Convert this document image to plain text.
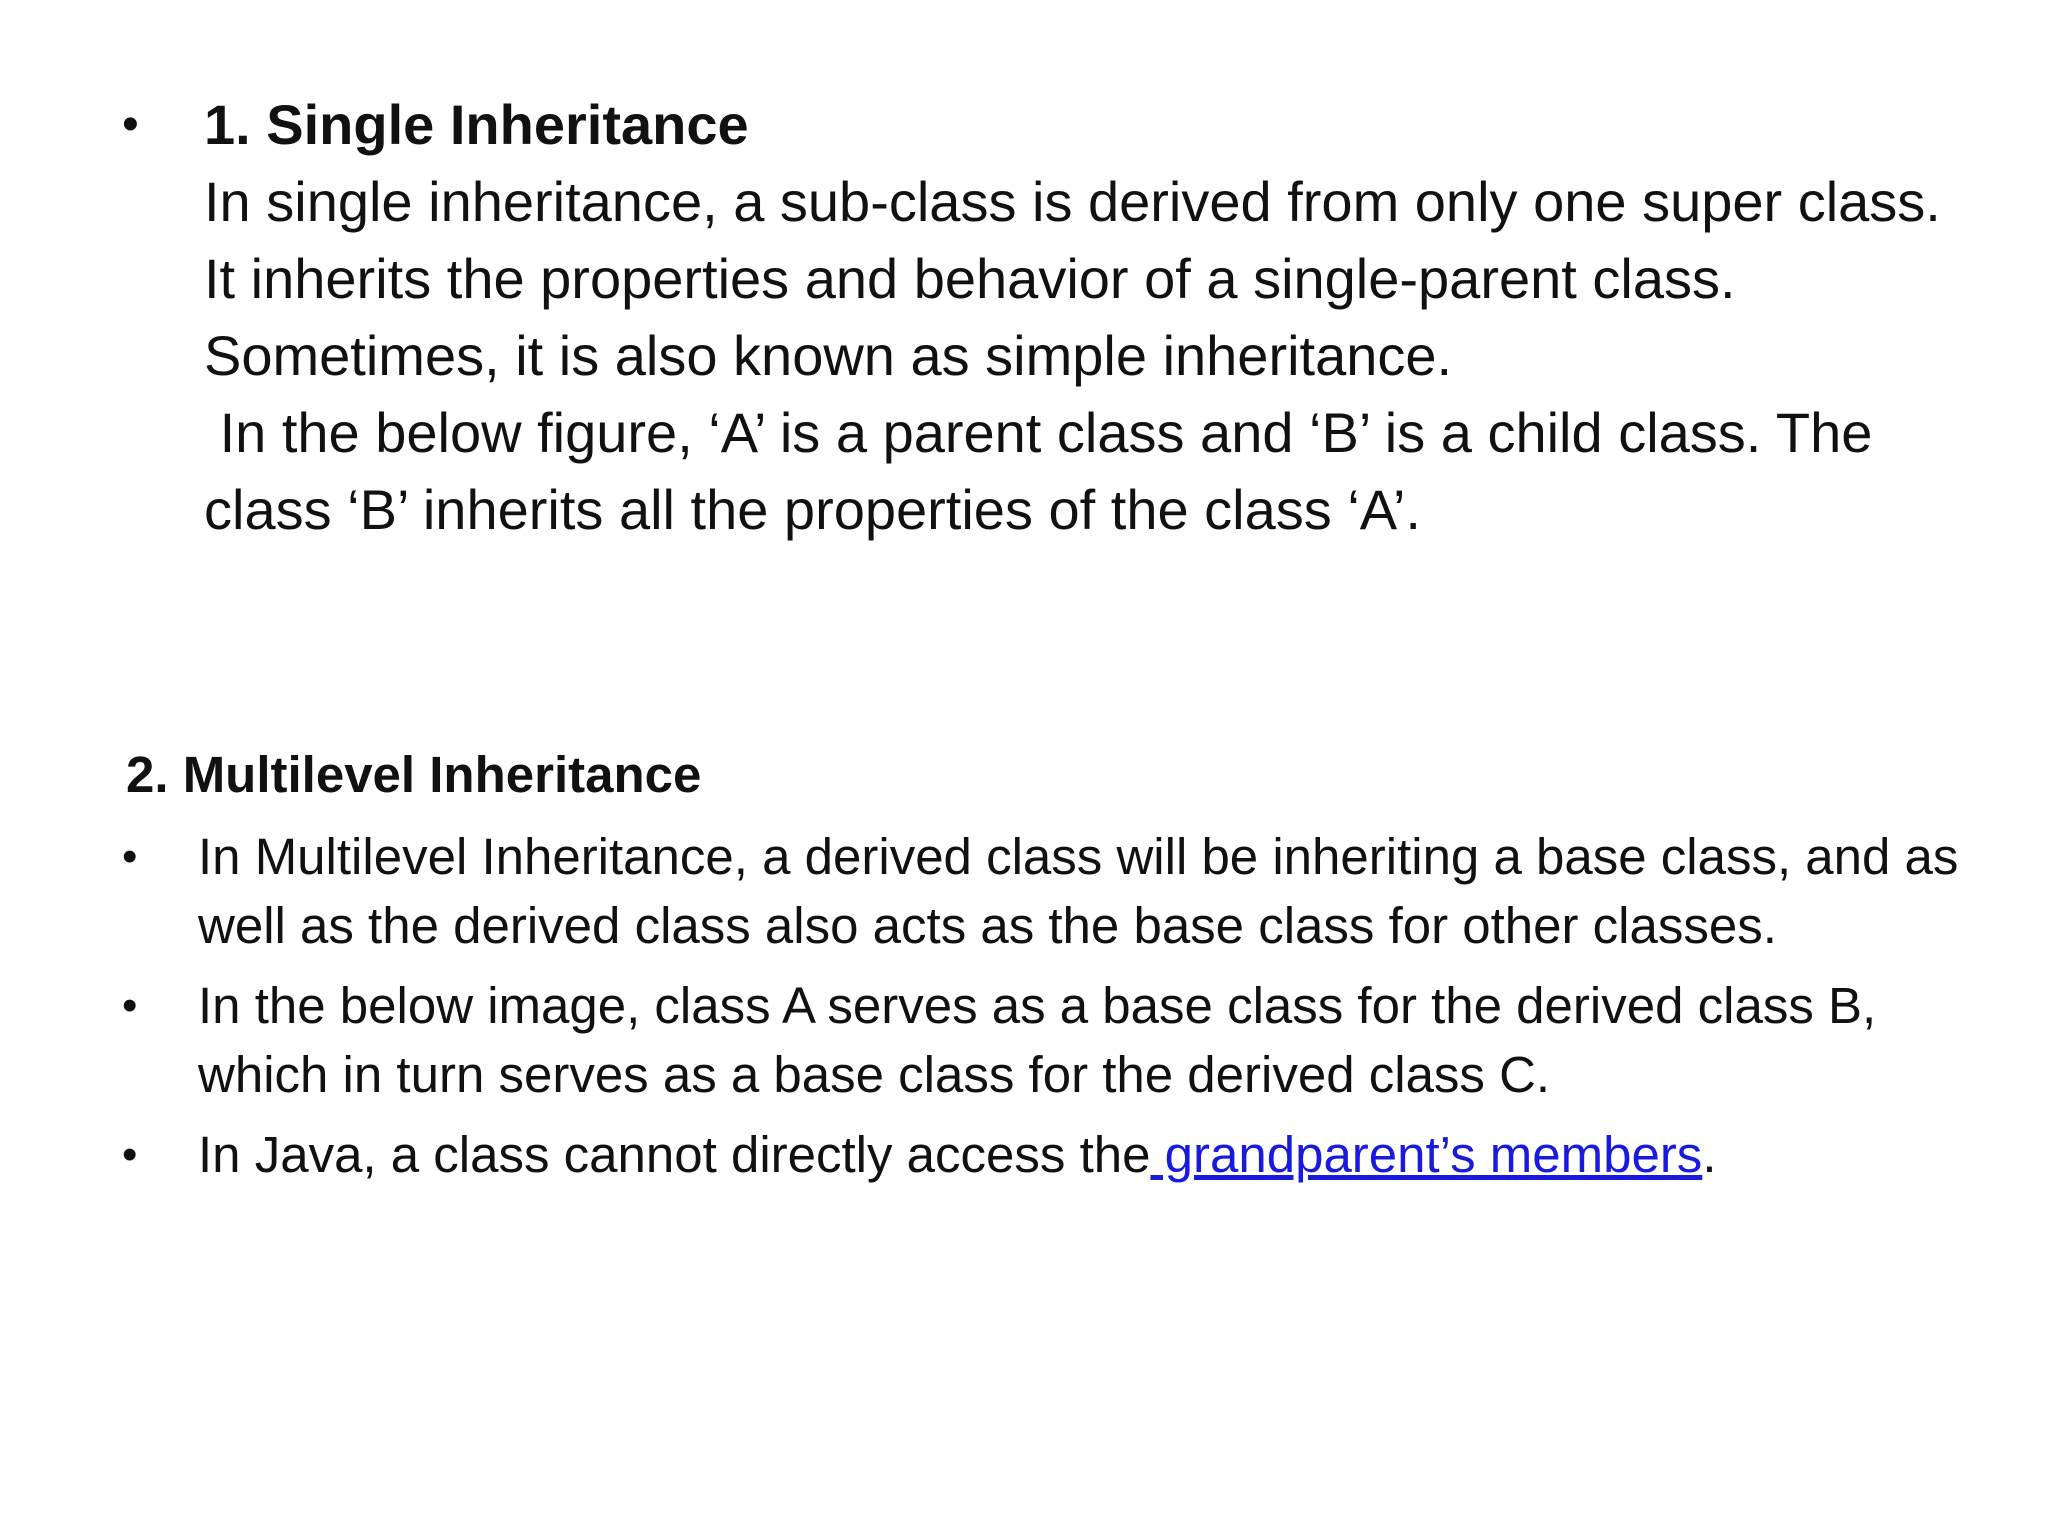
•	1. Single Inheritance
In single inheritance, a sub-class is derived from only one super class.
It inherits the properties and behavior of a single-parent class.
Sometimes, it is also known as simple inheritance.
In the below figure, ‘A’ is a parent class and ‘B’ is a child class. The class ‘B’ inherits all the properties of the class ‘A’.
2. Multilevel Inheritance
• In Multilevel Inheritance, a derived class will be inheriting a base class, and as well as the derived class also acts as the base class for other classes.
• In the below image, class A serves as a base class for the derived class B, which in turn serves as a base class for the derived class C.
• In Java, a class cannot directly access the grandparent’s members.
